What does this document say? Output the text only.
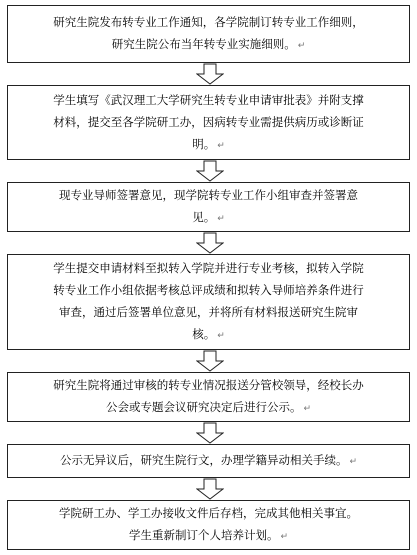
研究生院发布转专业工作通知，各学院制订转专业工作细则，
研究生院公布当年转专业实施细则。 ↵
学生填写《武汉理工大学研究生转专业申请审批表》并附支撑
材料，提交至各学院研工办，因病转专业需提供病历或诊断证
明。 ↵
现专业导师签署意见，现学院转专业工作小组审查并签署意
见。 ↵
学生提交申请材料至拟转入学院并进行专业考核，拟转入学院
转专业工作小组依据考核总评成绩和拟转入导师培养条件进行
审查，通过后签署单位意见，并将所有材料报送研究生院审
核。 ↵
研究生院将通过审核的转专业情况报送分管校领导，经校长办
公会或专题会议研究决定后进行公示。 ↵
公示无异议后，研究生院行文，办理学籍异动相关手续。 ↵
学院研工办、学工办接收文件后存档，完成其他相关事宜。
学生重新制订个人培养计划。 ↵
